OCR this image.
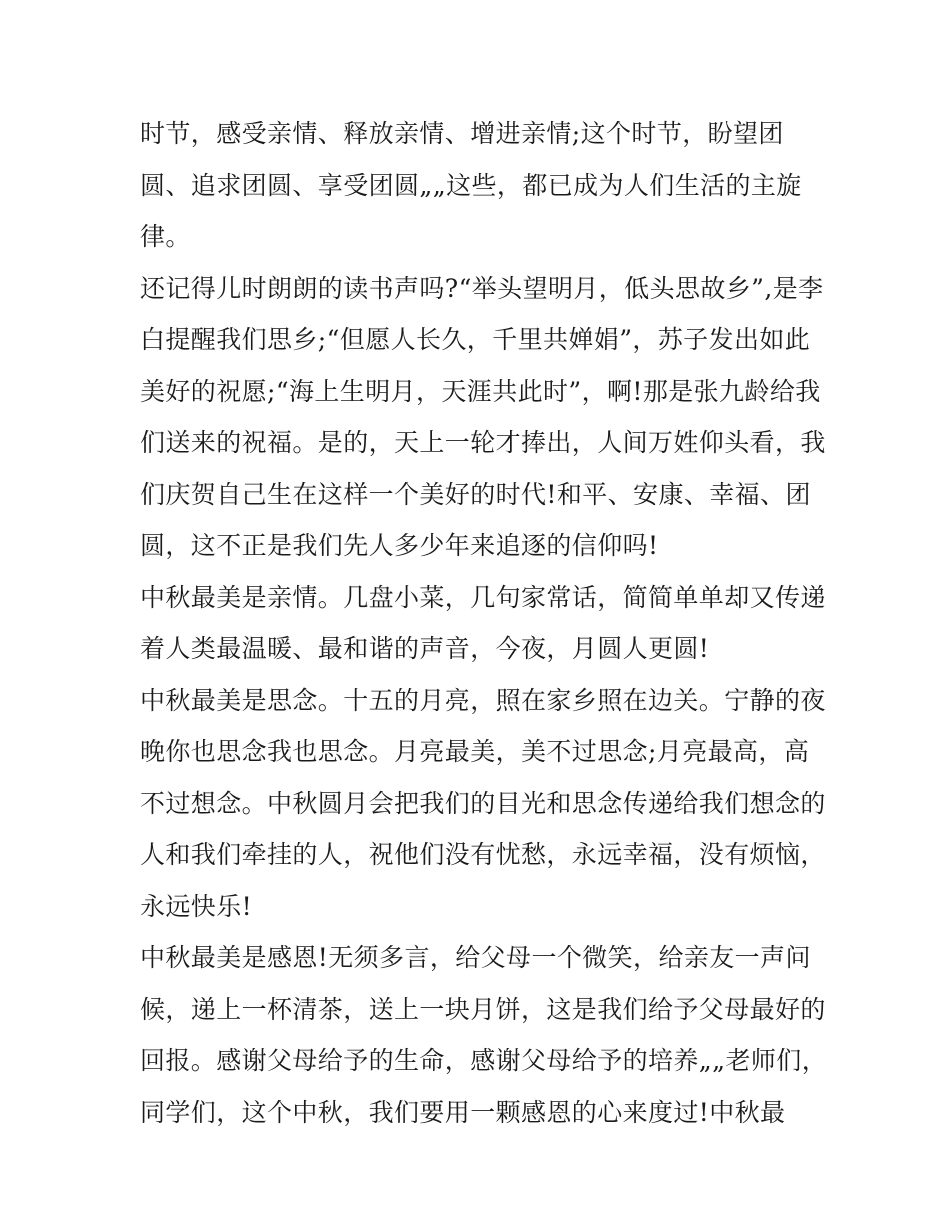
时节，感受亲情、释放亲情、增进亲情;这个时节，盼望团
圆、追求团圆、享受团圆„„这些，都已成为人们生活的主旋
律。
还记得儿时朗朗的读书声吗?“举头望明月，低头思故乡”,是李
白提醒我们思乡;“但愿人长久，千里共婵娟”，苏子发出如此
美好的祝愿;“海上生明月，天涯共此时”，啊!那是张九龄给我
们送来的祝福。是的，天上一轮才捧出，人间万姓仰头看，我
们庆贺自己生在这样一个美好的时代!和平、安康、幸福、团
圆，这不正是我们先人多少年来追逐的信仰吗!
中秋最美是亲情。几盘小菜，几句家常话，简简单单却又传递
着人类最温暖、最和谐的声音，今夜，月圆人更圆!
中秋最美是思念。十五的月亮，照在家乡照在边关。宁静的夜
晚你也思念我也思念。月亮最美，美不过思念;月亮最高，高
不过想念。中秋圆月会把我们的目光和思念传递给我们想念的
人和我们牵挂的人，祝他们没有忧愁，永远幸福，没有烦恼，
永远快乐!
中秋最美是感恩!无须多言，给父母一个微笑，给亲友一声问
候，递上一杯清茶，送上一块月饼，这是我们给予父母最好的
回报。感谢父母给予的生命，感谢父母给予的培养„„老师们，
同学们，这个中秋，我们要用一颗感恩的心来度过!中秋最
